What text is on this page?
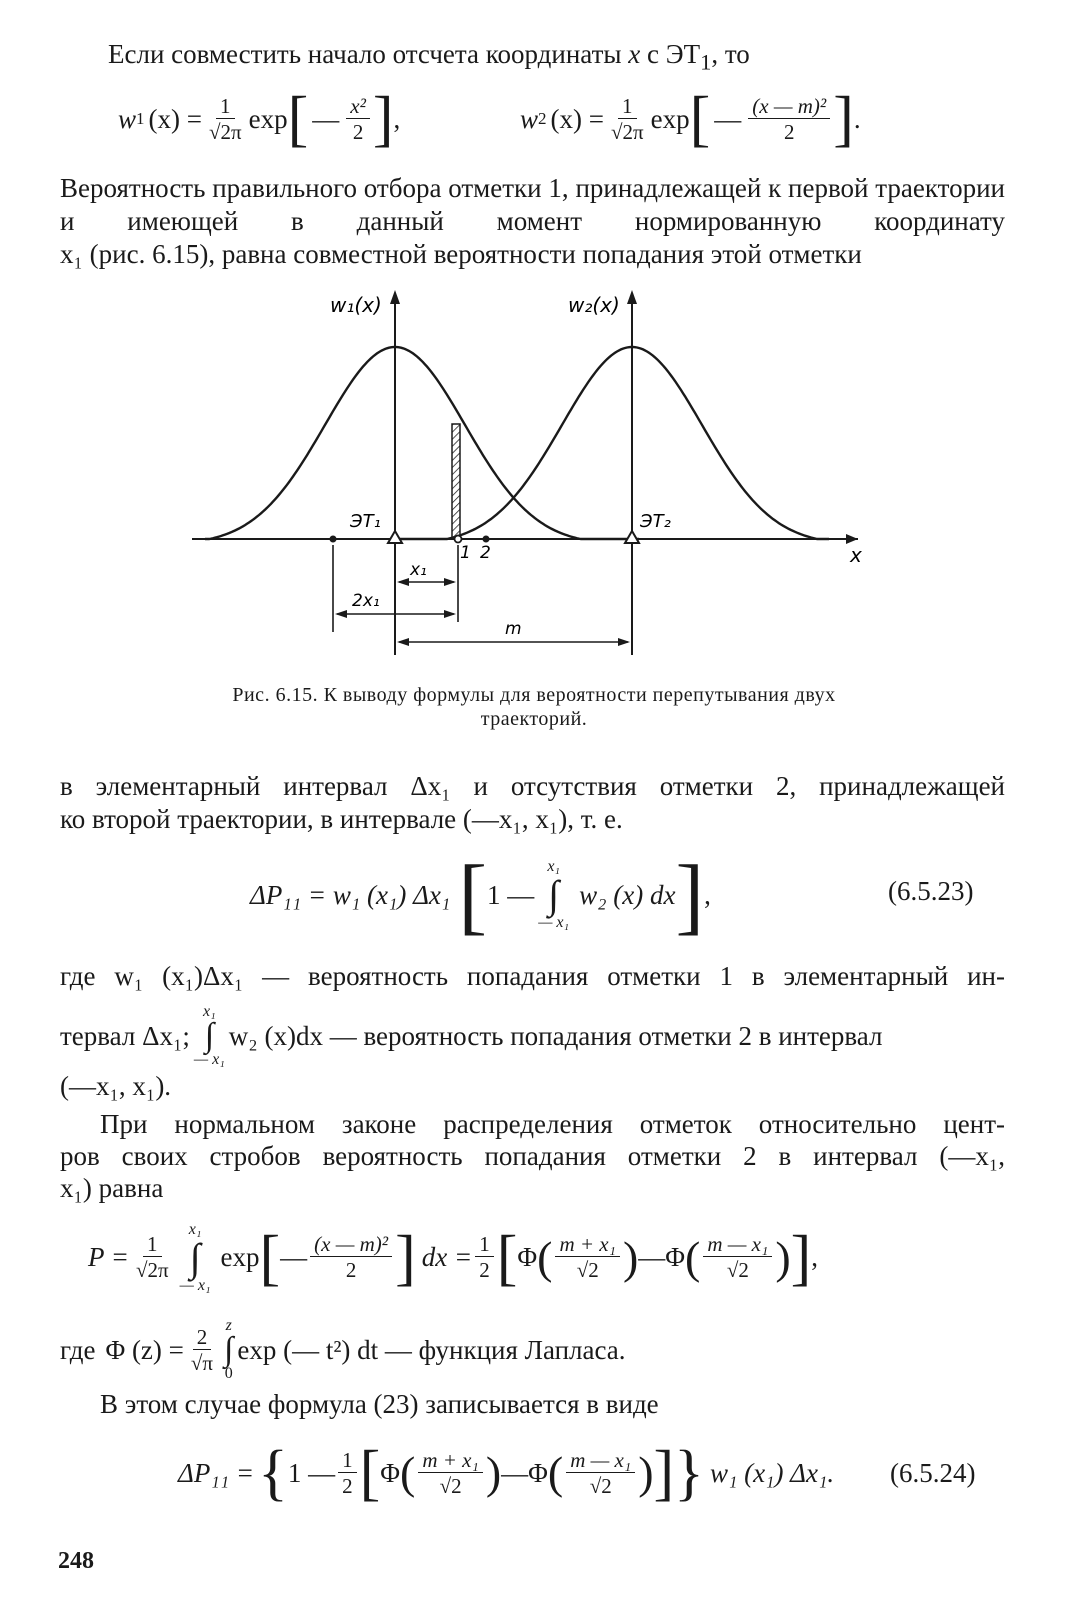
Если совместить начало отсчета координаты x с $ЭТ_1$, то
w 1 $(x) = \frac{1}{√2\pi}$ exp [ — $\frac{\text{x²}}{2}$ ] ,	w 2 $(x) = \frac{1}{√2\pi}$ exp [ — $\frac{\text{(x — m)²}}{2}$ ] .
Вероятность правильного отбора отметки 1, принадлежащей к первой траектории и имеющей в данный момент нормированную координату
x₁ (рис. 6.15), равна совместной вероятности попадания этой отметки
w₁(x)	w₂(x)
x
ЭТ₁	ЭТ₂
1 2
x₁
2x₁
m
Рис. 6.15. К выводу формулы для вероятности перепутывания двух
траекторий.
в элементарный интервал Δx₁ и отсутствия отметки 2, принадлежащей
ко второй траектории, в интервале (—x₁, x₁), т. е.
ΔP₁₁ = w₁ (x₁) Δx₁ [ 1 —
x₁
∫
— x₁
w₂ (x) dx ] ,	(6.5.23)
где w₁ (x₁)Δx₁ — вероятность попадания отметки 1 в элементарный ин-
тервал Δx₁;
x₁
∫
— x₁
w₂ (x)dx — вероятность попадания отметки 2 в интервал
(—x₁, x₁).
При нормальном законе распределения отметок относительно цент-
ров своих стробов вероятность попадания отметки 2 в интервал (—x₁,
x₁) равна
$P = \frac{1}{√2\pi}$
x₁
∫
— x₁
exp [ — $\frac{\text{(x — m)²}}{2}$ ] dx = $\frac{1}{2}$ [ Φ ( $\frac{\text{m + x₁}}{√2}$ ) — Φ ( $\frac{\text{m — x₁}}{√2}$ ) ] ,
где Φ $(z) = \frac{2}{√\pi}$ z
∫
0
exp (— t²) dt — функция Лапласа.
В этом случае формула (23) записывается в виде
ΔP₁₁ = { 1 — $\frac{1}{2}$ [ Φ ( $\frac{\text{m + x₁}}{√2}$ ) — Φ ( $\frac{\text{m — x₁}}{√2}$ ) ] } w₁ (x₁) Δx₁. (6.5.24)
248
